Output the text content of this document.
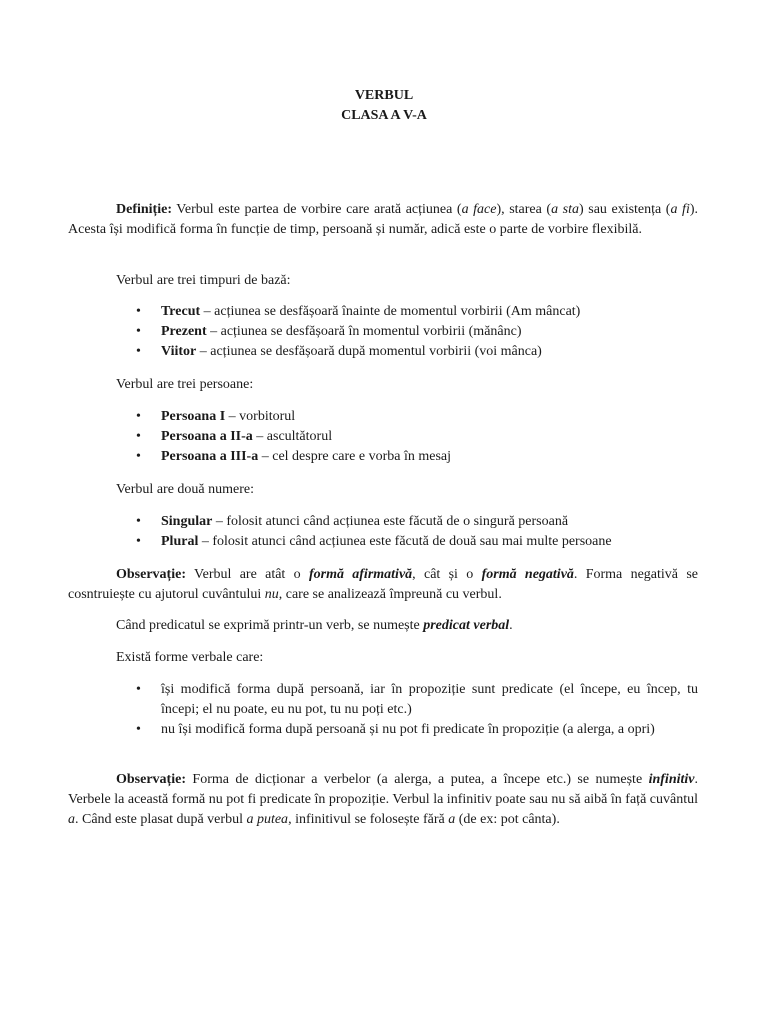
VERBUL
CLASA A V-A
Definiție: Verbul este partea de vorbire care arată acțiunea (a face), starea (a sta) sau existența (a fi). Acesta își modifică forma în funcție de timp, persoană și număr, adică este o parte de vorbire flexibilă.
Verbul are trei timpuri de bază:
• Trecut – acțiunea se desfășoară înainte de momentul vorbirii (Am mâncat)
• Prezent – acțiunea se desfășoară în momentul vorbirii (mănânc)
• Viitor – acțiunea se desfășoară după momentul vorbirii (voi mânca)
Verbul are trei persoane:
• Persoana I – vorbitorul
• Persoana a II-a – ascultătorul
• Persoana a III-a – cel despre care e vorba în mesaj
Verbul are două numere:
• Singular – folosit atunci când acțiunea este făcută de o singură persoană
• Plural – folosit atunci când acțiunea este făcută de două sau mai multe persoane
Observație: Verbul are atât o formă afirmativă, cât și o formă negativă. Forma negativă se cosntruiește cu ajutorul cuvântului nu, care se analizează împreună cu verbul.
Când predicatul se exprimă printr-un verb, se numește predicat verbal.
Există forme verbale care:
• își modifică forma după persoană, iar în propoziție sunt predicate (el începe, eu încep, tu începi; el nu poate, eu nu pot, tu nu poți etc.)
• nu își modifică forma după persoană și nu pot fi predicate în propoziție (a alerga, a opri)
Observație: Forma de dicționar a verbelor (a alerga, a putea, a începe etc.) se numește infinitiv. Verbele la această formă nu pot fi predicate în propoziție. Verbul la infinitiv poate sau nu să aibă în față cuvântul a. Când este plasat după verbul a putea, infinitivul se folosește fără a (de ex: pot cânta).
